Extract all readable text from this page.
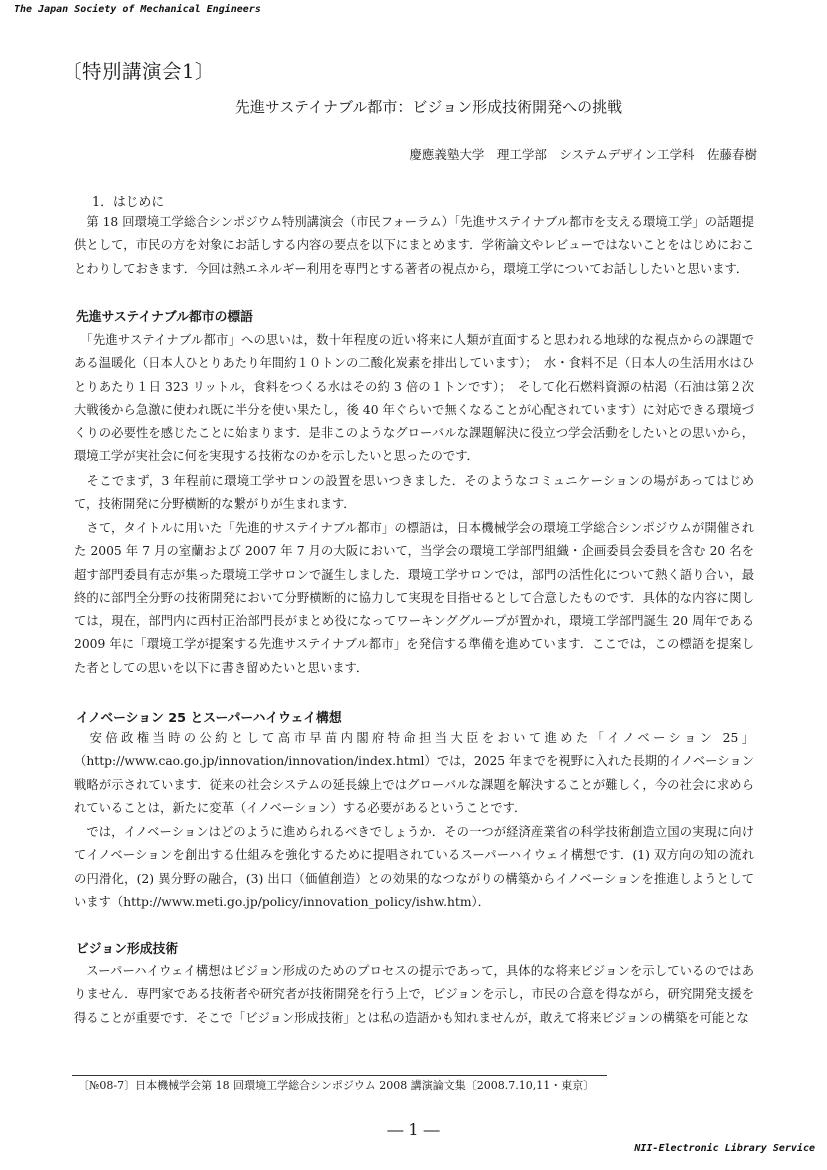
The Japan Society of Mechanical Engineers
〔特別講演会1〕
先進サステイナブル都市：ビジョン形成技術開発への挑戦
慶應義塾大学　理工学部　システムデザイン工学科　佐藤春樹
1．はじめに
　第 18 回環境工学総合シンポジウム特別講演会（市民フォーラム）「先進サステイナブル都市を支える環境工学」の話題提供として，市民の方を対象にお話しする内容の要点を以下にまとめます．学術論文やレビューではないことをはじめにおことわりしておきます．今回は熱エネルギー利用を専門とする著者の視点から，環境工学についてお話ししたいと思います．
先進サステイナブル都市の標語
　「先進サステイナブル都市」への思いは，数十年程度の近い将来に人類が直面すると思われる地球的な視点からの課題である温暖化（日本人ひとりあたり年間約１０トンの二酸化炭素を排出しています）；　水・食料不足（日本人の生活用水はひとりあたり１日 323 リットル，食料をつくる水はその約 3 倍の１トンです）；　そして化石燃料資源の枯渇（石油は第２次大戦後から急激に使われ既に半分を使い果たし，後 40 年ぐらいで無くなることが心配されています）に対応できる環境づくりの必要性を感じたことに始まります．是非このようなグローバルな課題解決に役立つ学会活動をしたいとの思いから，環境工学が実社会に何を実現する技術なのかを示したいと思ったのです．
　そこでまず，3 年程前に環境工学サロンの設置を思いつきました．そのようなコミュニケーションの場があってはじめて，技術開発に分野横断的な繋がりが生まれます．
　さて，タイトルに用いた「先進的サステイナブル都市」の標語は，日本機械学会の環境工学総合シンポジウムが開催された 2005 年 7 月の室蘭および 2007 年 7 月の大阪において，当学会の環境工学部門組織・企画委員会委員を含む 20 名を超す部門委員有志が集った環境工学サロンで誕生しました．環境工学サロンでは，部門の活性化について熱く語り合い，最終的に部門全分野の技術開発において分野横断的に協力して実現を目指せるとして合意したものです．具体的な内容に関しては，現在，部門内に西村正治部門長がまとめ役になってワーキンググループが置かれ，環境工学部門誕生 20 周年である 2009 年に「環境工学が提案する先進サステイナブル都市」を発信する準備を進めています．ここでは，この標語を提案した者としての思いを以下に書き留めたいと思います．
イノベーション 25 とスーパーハイウェイ構想
　安倍政権当時の公約として高市早苗内閣府特命担当大臣をおいて進めた「イノベーション 25」（http://www.cao.go.jp/innovation/innovation/index.html）では，2025 年までを視野に入れた長期的イノベーション戦略が示されています．従来の社会システムの延長線上ではグローバルな課題を解決することが難しく，今の社会に求められていることは，新たに変革（イノベーション）する必要があるということです．
　では，イノベーションはどのように進められるべきでしょうか．その一つが経済産業省の科学技術創造立国の実現に向けてイノベーションを創出する仕組みを強化するために提唱されているスーパーハイウェイ構想です．(1) 双方向の知の流れの円滑化，(2) 異分野の融合，(3) 出口（価値創造）との効果的なつながりの構築からイノベーションを推進しようとしています（http://www.meti.go.jp/policy/innovation_policy/ishw.htm）．
ビジョン形成技術
　スーパーハイウェイ構想はビジョン形成のためのプロセスの提示であって，具体的な将来ビジョンを示しているのではありません．専門家である技術者や研究者が技術開発を行う上で，ビジョンを示し，市民の合意を得ながら，研究開発支援を得ることが重要です．そこで「ビジョン形成技術」とは私の造語かも知れませんが，敢えて将来ビジョンの構築を可能とな
〔№08-7〕日本機械学会第 18 回環境工学総合シンポジウム 2008 講演論文集〔2008.7.10,11・東京〕
― 1 ―
NII-Electronic Library Service
